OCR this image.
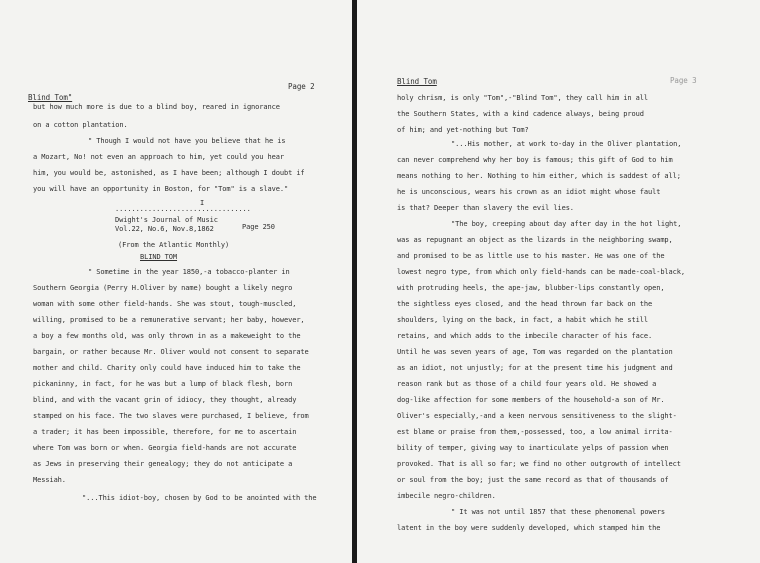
Blind Tom"
Page 2
but how much more is due to a blind boy, reared in ignorance
on a cotton plantation.
" Though I would not have you believe that he is
a Mozart, No! not even an approach to him, yet could you hear
him, you would be, astonished, as I have been; although I doubt if
you will have an opportunity in Boston, for "Tom" is a slave."
I
.................................
Dwight's Journal of Music
Vol.22, No.6, Nov.8,1862	Page 250
(From the Atlantic Monthly)
BLIND TOM
" Sometime in the year 1850,-a tobacco-planter in
Southern Georgia (Perry H.Oliver by name) bought a likely negro
woman with some other field-hands. She was stout, tough-muscled,
willing, promised to be a remunerative servant; her baby, however,
a boy a few months old, was only thrown in as a makeweight to the
bargain, or rather because Mr. Oliver would not consent to separate
mother and child. Charity only could have induced him to take the
pickaninny, in fact, for he was but a lump of black flesh, born
blind, and with the vacant grin of idiocy, they thought, already
stamped on his face. The two slaves were purchased, I believe, from
a trader; it has been impossible, therefore, for me to ascertain
where Tom was born or when. Georgia field-hands are not accurate
as Jews in preserving their genealogy; they do not anticipate a
Messiah.
"...This idiot-boy, chosen by God to be anointed with the
Blind Tom	Page 3
holy chrism, is only "Tom",-"Blind Tom", they call him in all
the Southern States, with a kind cadence always, being proud
of him; and yet-nothing but Tom?
"...His mother, at work to-day in the Oliver plantation,
can never comprehend why her boy is famous; this gift of God to him
means nothing to her. Nothing to him either, which is saddest of all;
he is unconscious, wears his crown as an idiot might whose fault
is that? Deeper than slavery the evil lies.
"The boy, creeping about day after day in the hot light,
was as repugnant an object as the lizards in the neighboring swamp,
and promised to be as little use to his master. He was one of the
lowest negro type, from which only field-hands can be made-coal-black,
with protruding heels, the ape-jaw, blubber-lips constantly open,
the sightless eyes closed, and the head thrown far back on the
shoulders, lying on the back, in fact, a habit which he still
retains, and which adds to the imbecile character of his face.
Until he was seven years of age, Tom was regarded on the plantation
as an idiot, not unjustly; for at the present time his judgment and
reason rank but as those of a child four years old. He showed a
dog-like affection for some members of the household-a son of Mr.
Oliver's especially,-and a keen nervous sensitiveness to the slight-
est blame or praise from them,-possessed, too, a low animal irrita-
bility of temper, giving way to inarticulate yelps of passion when
provoked. That is all so far; we find no other outgrowth of intellect
or soul from the boy; just the same record as that of thousands of
imbecile negro-children.
" It was not until 1857 that these phenomenal powers
latent in the boy were suddenly developed, which stamped him the
